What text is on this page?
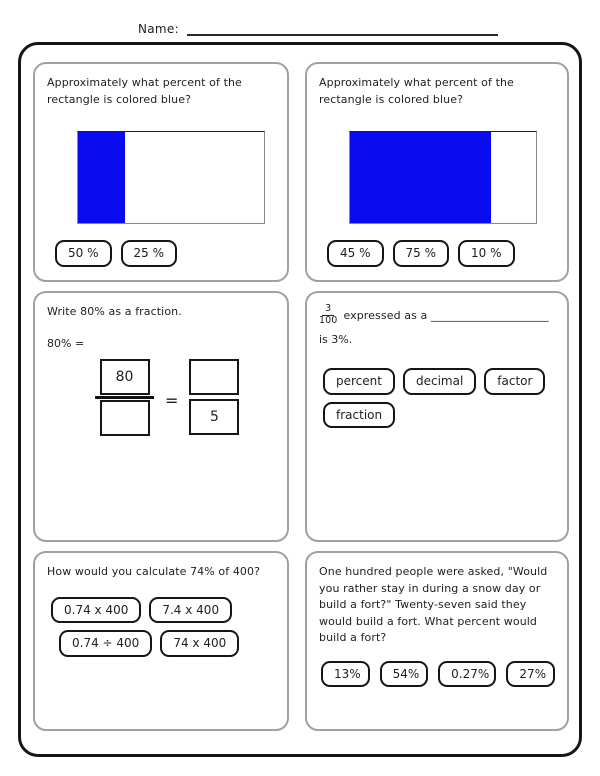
Name:
Approximately what percent of the rectangle is colored blue?
50 %	25 %
Approximately what percent of the rectangle is colored blue?
45 %	75 %	10 %
Write 80% as a fraction.
80% =
80
=
5
$\frac{3}{100}$ expressed as a _____________________
is 3%.
percent	decimal	factor
fraction
How would you calculate 74% of 400?
0.74 x 400	7.4 x 400
0.74 ÷ 400	74 x 400
One hundred people were asked, "Would you rather stay in during a snow day or build a fort?" Twenty-seven said they would build a fort. What percent would build a fort?
13%	54%	0.27%	27%
